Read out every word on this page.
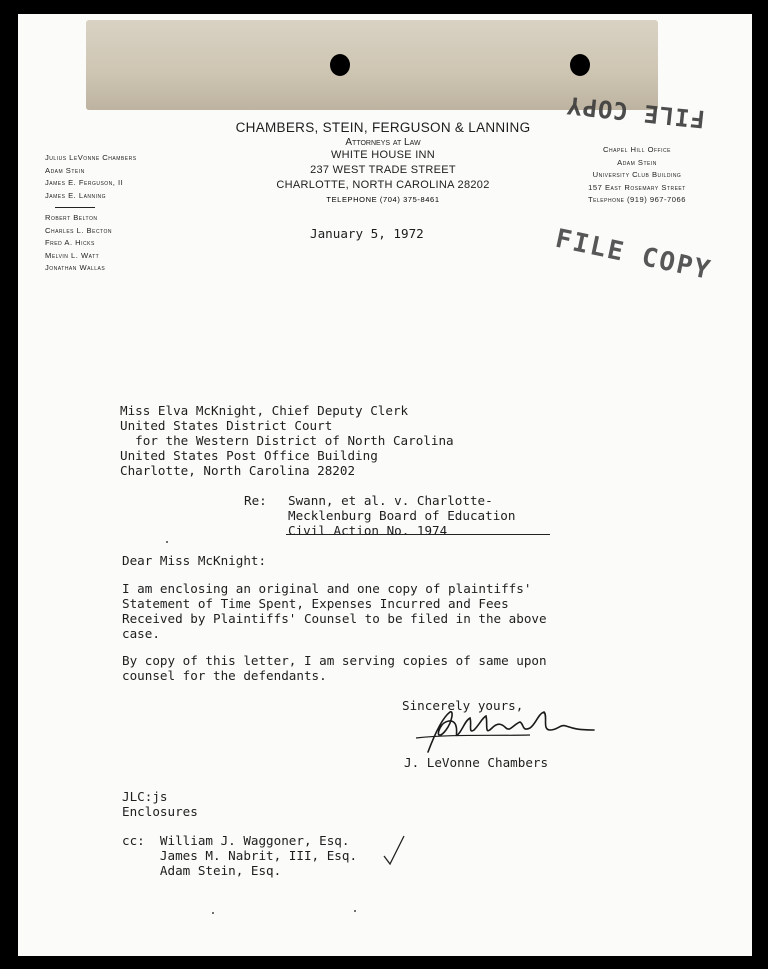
FILE COPY
FILE COPY
CHAMBERS, STEIN, FERGUSON & LANNING
Attorneys at Law
WHITE HOUSE INN
237 WEST TRADE STREET
CHARLOTTE, NORTH CAROLINA 28202
TELEPHONE (704) 375-8461
Julius LeVonne Chambers
Adam Stein
James E. Ferguson, II
James E. Lanning
Robert Belton
Charles L. Becton
Fred A. Hicks
Melvin L. Watt
Jonathan Wallas
Chapel Hill Office
Adam Stein
University Club Building
157 East Rosemary Street
Telephone (919) 967-7066
January 5, 1972
Miss Elva McKnight, Chief Deputy Clerk
United States District Court
for the Western District of North Carolina
United States Post Office Building
Charlotte, North Carolina 28202
Re: Swann, et al. v. Charlotte-
Mecklenburg Board of Education
Civil Action No. 1974
Dear Miss McKnight:
I am enclosing an original and one copy of plaintiffs'
Statement of Time Spent, Expenses Incurred and Fees
Received by Plaintiffs' Counsel to be filed in the above
case.
By copy of this letter, I am serving copies of same upon
counsel for the defendants.
Sincerely yours,
J. LeVonne Chambers
JLC:js
Enclosures
cc:  William J. Waggoner, Esq.
James M. Nabrit, III, Esq.
Adam Stein, Esq.
